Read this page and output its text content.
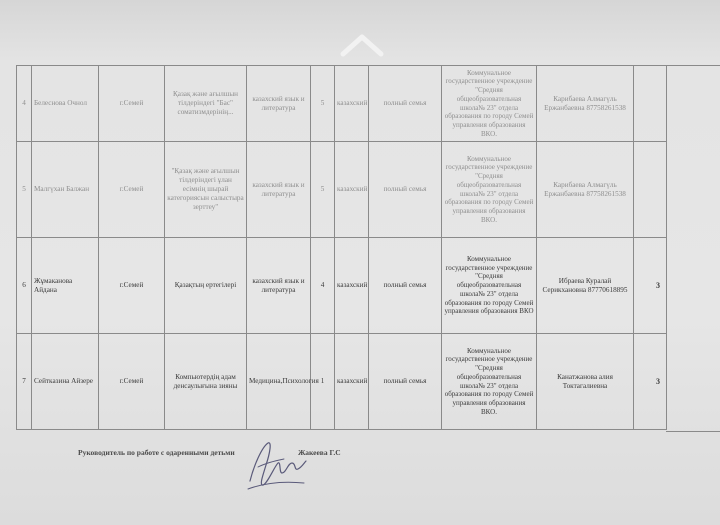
4	Белеснова Очнол	г.Семей	Қазақ және ағылшын тілдеріндегі "Бас" соматизмдерінің...	казахский язык и литература	5	казахский	полный семья	Коммунальное государственное учреждение "Средняя общеобразовательная школа№ 23" отдела образования по городу Семей управления образования ВКО.	Карибаева Алмагүль Ержанбаевна 87758261538	
5	Малгүхан Балжан	г.Семей	"Қазақ және ағылшын тілдеріндегі ұлан есімнің шырай категориясын салыстыра зерттеу"	казахский язык и литература	5	казахский	полный семья	Коммунальное государственное учреждение "Средняя общеобразовательная школа№ 23" отдела образования по городу Семей управления образования ВКО.	Карибаева Алмагүль Ержанбаевна 87758261538	
6	Жұмаканова Айдана	г.Семей	Қазақтың ертегілері	казахский язык и литература	4	казахский	полный семья	Коммунальное государственное учреждение "Средняя общеобразовательная школа№ 23" отдела образования по городу Семей управления образования ВКО	Ибраева Куралай Серикхановна 87770618895	3
7	Сейтказина Айзере	г.Семей	Компьютердің адам денсаулығына зияны	Медицина,Психология	1	казахский	полный семья	Коммунальное государственное учреждение "Средняя общеобразовательная школа№ 23" отдела образования по городу Семей управления образования ВКО.	Канатжанова алия Токтагалиевна	3
Руководитель по работе с одаренными детьми	Жакеева Г.С
